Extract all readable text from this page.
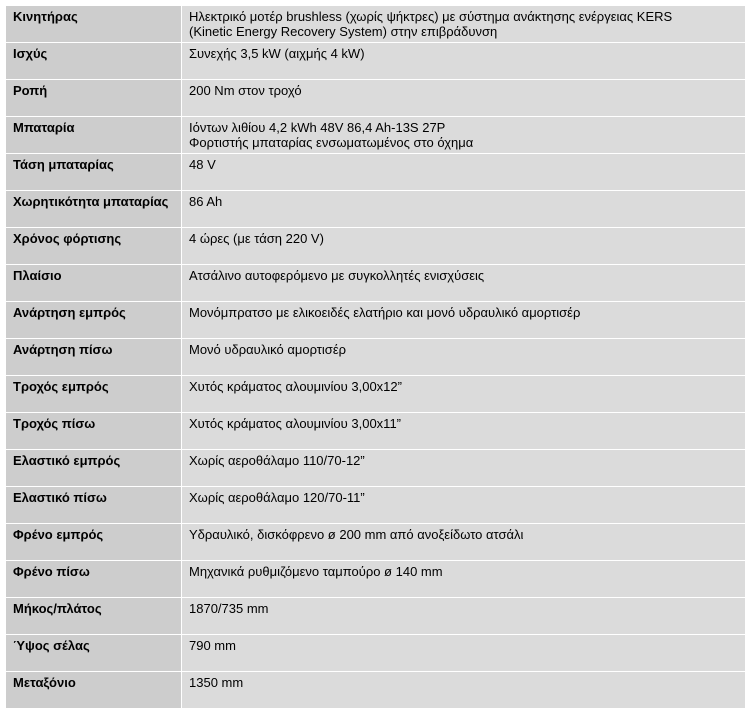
Κινητήρας	Ηλεκτρικό μοτέρ brushless (χωρίς ψήκτρες) με σύστημα ανάκτησης ενέργειας KERS
(Kinetic Energy Recovery System) στην επιβράδυνση
Ισχύς	Συνεχής 3,5 kW (αιχμής 4 kW)
Ροπή	200 Nm στον τροχό
Μπαταρία	Ιόντων λιθίου 4,2 kWh 48V 86,4 Ah-13S 27P
Φορτιστής μπαταρίας ενσωματωμένος στο όχημα
Τάση μπαταρίας	48 V
Χωρητικότητα μπαταρίας	86 Ah
Χρόνος φόρτισης	4 ώρες (με τάση 220 V)
Πλαίσιο	Ατσάλινο αυτοφερόμενο με συγκολλητές ενισχύσεις
Ανάρτηση εμπρός	Μονόμπρατσο με ελικοειδές ελατήριο και μονό υδραυλικό αμορτισέρ
Ανάρτηση πίσω	Μονό υδραυλικό αμορτισέρ
Τροχός εμπρός	Χυτός κράματος αλουμινίου 3,00x12”
Τροχός πίσω	Χυτός κράματος αλουμινίου 3,00x11”
Ελαστικό εμπρός	Χωρίς αεροθάλαμο 110/70-12”
Ελαστικό πίσω	Χωρίς αεροθάλαμο 120/70-11”
Φρένο εμπρός	Υδραυλικό, δισκόφρενο ø 200 mm από ανοξείδωτο ατσάλι
Φρένο πίσω	Μηχανικά ρυθμιζόμενο ταμπούρο ø 140 mm
Μήκος/πλάτος	1870/735 mm
Ύψος σέλας	790 mm
Μεταξόνιο	1350 mm
